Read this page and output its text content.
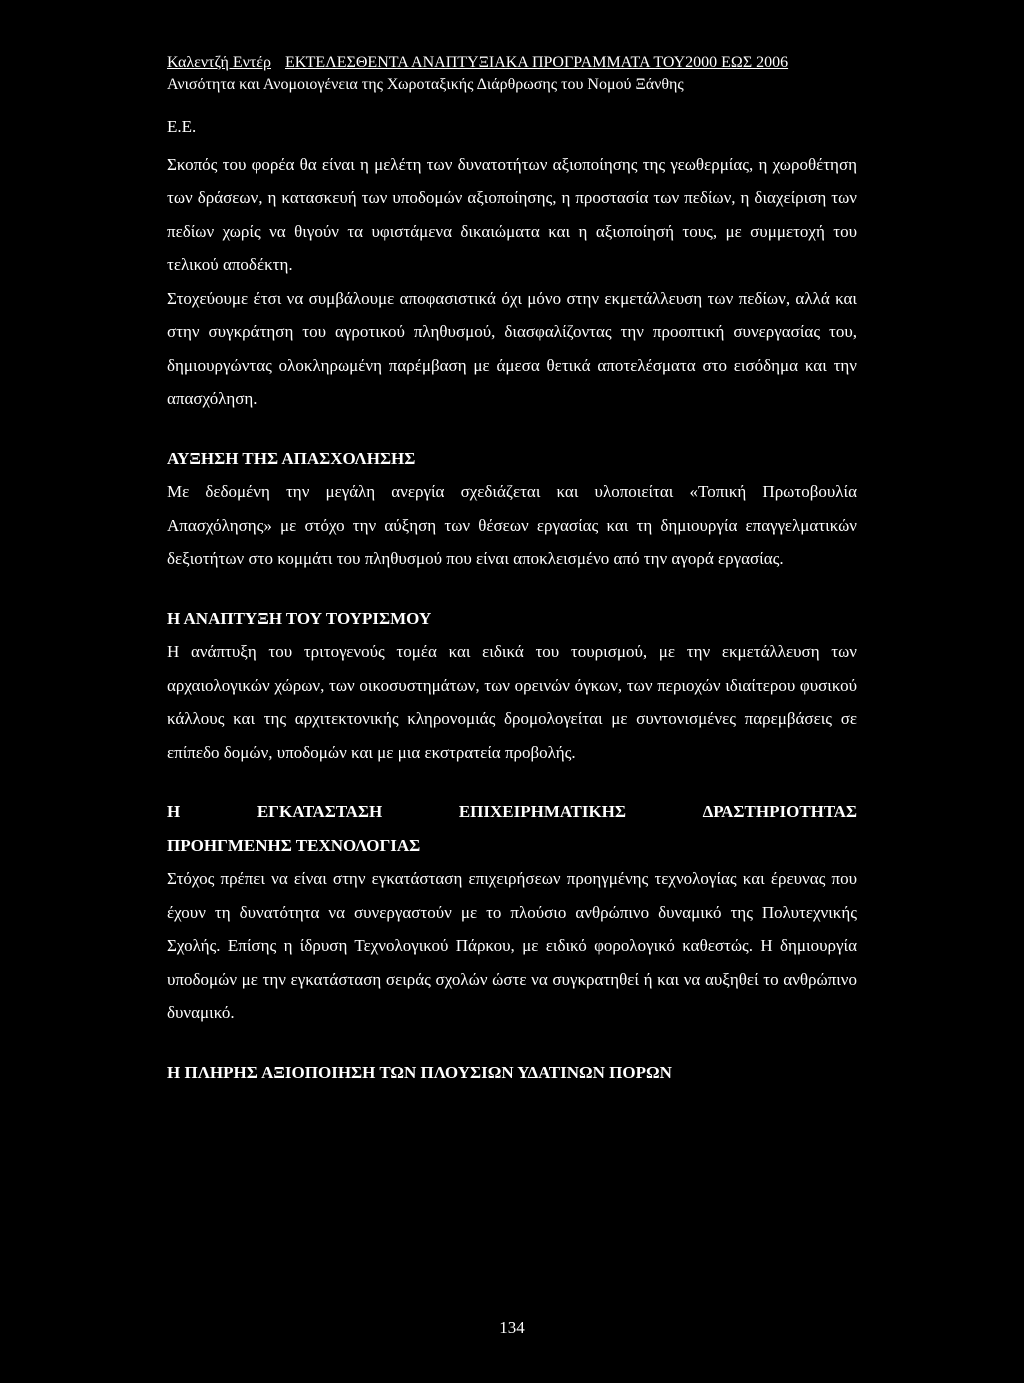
Καλεντζή Εντέρ ΕΚΤΕΛΕΣΘΕΝΤΑ ΑΝΑΠΤΥΞΙΑΚΑ ΠΡΟΓΡΑΜΜΑΤΑ ΤΟΥ2000 ΕΩΣ 2006
Ανισότητα και Ανομοιογένεια της Χωροταξικής Διάρθρωσης του Νομού Ξάνθης

Ε.Ε.

Σκοπός του φορέα θα είναι η μελέτη των δυνατοτήτων αξιοποίησης της γεωθερμίας, η χωροθέτηση των δράσεων, η κατασκευή των υποδομών αξιοποίησης, η προστασία των πεδίων, η διαχείριση των πεδίων χωρίς να θιγούν τα υφιστάμενα δικαιώματα και η αξιοποίησή τους, με συμμετοχή του τελικού αποδέκτη.

Στοχεύουμε έτσι να συμβάλουμε αποφασιστικά όχι μόνο στην εκμετάλλευση των πεδίων, αλλά και στην συγκράτηση του αγροτικού πληθυσμού, διασφαλίζοντας την προοπτική συνεργασίας του, δημιουργώντας ολοκληρωμένη παρέμβαση με άμεσα θετικά αποτελέσματα στο εισόδημα και την απασχόληση.

ΑΥΞΗΣΗ ΤΗΣ ΑΠΑΣΧΟΛΗΣΗΣ

Με δεδομένη την μεγάλη ανεργία σχεδιάζεται και υλοποιείται «Τοπική Πρωτοβουλία Απασχόλησης» με στόχο την αύξηση των θέσεων εργασίας και τη δημιουργία επαγγελματικών δεξιοτήτων στο κομμάτι του πληθυσμού που είναι αποκλεισμένο από την αγορά εργασίας.

Η ΑΝΑΠΤΥΞΗ ΤΟΥ ΤΟΥΡΙΣΜΟΥ

Η ανάπτυξη του τριτογενούς τομέα και ειδικά του τουρισμού, με την εκμετάλλευση των αρχαιολογικών χώρων, των οικοσυστημάτων, των ορεινών όγκων, των περιοχών ιδιαίτερου φυσικού κάλλους και της αρχιτεκτονικής κληρονομιάς δρομολογείται με συντονισμένες παρεμβάσεις σε επίπεδο δομών, υποδομών και με μια εκστρατεία προβολής.

Η	ΕΓΚΑΤΑΣΤΑΣΗ	ΕΠΙΧΕΙΡΗΜΑΤΙΚΗΣ	ΔΡΑΣΤΗΡΙΟΤΗΤΑΣ

ΠΡΟΗΓΜΕΝΗΣ ΤΕΧΝΟΛΟΓΙΑΣ

Στόχος πρέπει να είναι στην εγκατάσταση επιχειρήσεων προηγμένης τεχνολογίας και έρευνας που έχουν τη δυνατότητα να συνεργαστούν με το πλούσιο ανθρώπινο δυναμικό της Πολυτεχνικής Σχολής. Επίσης η ίδρυση Τεχνολογικού Πάρκου, με ειδικό φορολογικό καθεστώς. Η δημιουργία υποδομών με την εγκατάσταση σειράς σχολών ώστε να συγκρατηθεί ή και να αυξηθεί το ανθρώπινο δυναμικό.

Η ΠΛΗΡΗΣ ΑΞΙΟΠΟΙΗΣΗ ΤΩΝ ΠΛΟΥΣΙΩΝ ΥΔΑΤΙΝΩΝ ΠΟΡΩΝ

134
